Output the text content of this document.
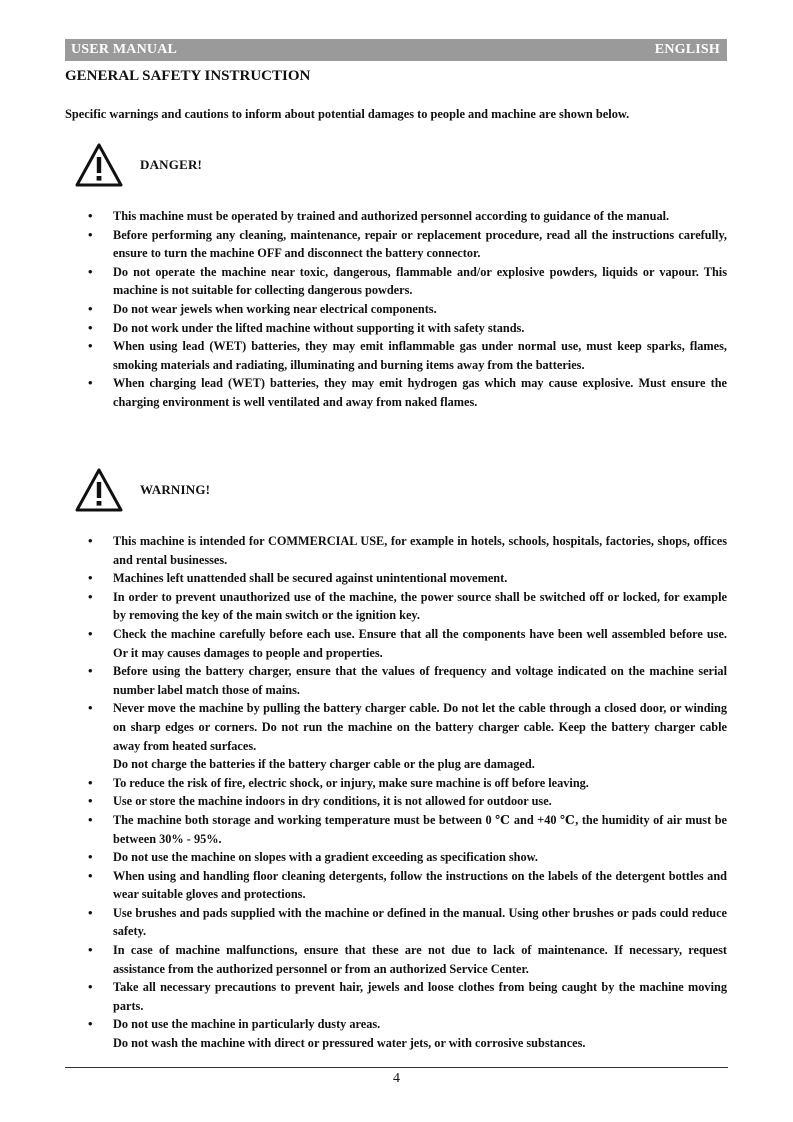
USER MANUAL	ENGLISH
GENERAL SAFETY INSTRUCTION

Specific warnings and cautions to inform about potential damages to people and machine are shown below.

DANGER!
• This machine must be operated by trained and authorized personnel according to guidance of the manual.
• Before performing any cleaning, maintenance, repair or replacement procedure, read all the instructions carefully, ensure to turn the machine OFF and disconnect the battery connector.
• Do not operate the machine near toxic, dangerous, flammable and/or explosive powders, liquids or vapour. This machine is not suitable for collecting dangerous powders.
• Do not wear jewels when working near electrical components.
• Do not work under the lifted machine without supporting it with safety stands.
• When using lead (WET) batteries, they may emit inflammable gas under normal use, must keep sparks, flames, smoking materials and radiating, illuminating and burning items away from the batteries.
• When charging lead (WET) batteries, they may emit hydrogen gas which may cause explosive. Must ensure the charging environment is well ventilated and away from naked flames.
WARNING!
• This machine is intended for COMMERCIAL USE, for example in hotels, schools, hospitals, factories, shops, offices and rental businesses.
• Machines left unattended shall be secured against unintentional movement.
• In order to prevent unauthorized use of the machine, the power source shall be switched off or locked, for example by removing the key of the main switch or the ignition key.
• Check the machine carefully before each use. Ensure that all the components have been well assembled before use. Or it may causes damages to people and properties.
• Before using the battery charger, ensure that the values of frequency and voltage indicated on the machine serial number label match those of mains.
• Never move the machine by pulling the battery charger cable. Do not let the cable through a closed door, or winding on sharp edges or corners. Do not run the machine on the battery charger cable. Keep the battery charger cable away from heated surfaces.
Do not charge the batteries if the battery charger cable or the plug are damaged.
• To reduce the risk of fire, electric shock, or injury, make sure machine is off before leaving.
• Use or store the machine indoors in dry conditions, it is not allowed for outdoor use.
• The machine both storage and working temperature must be between 0 ℃ and +40 ℃, the humidity of air must be between 30% - 95%.
• Do not use the machine on slopes with a gradient exceeding as specification show.
• When using and handling floor cleaning detergents, follow the instructions on the labels of the detergent bottles and wear suitable gloves and protections.
• Use brushes and pads supplied with the machine or defined in the manual. Using other brushes or pads could reduce safety.
• In case of machine malfunctions, ensure that these are not due to lack of maintenance. If necessary, request assistance from the authorized personnel or from an authorized Service Center.
• Take all necessary precautions to prevent hair, jewels and loose clothes from being caught by the machine moving parts.
• Do not use the machine in particularly dusty areas.
Do not wash the machine with direct or pressured water jets, or with corrosive substances.
4
